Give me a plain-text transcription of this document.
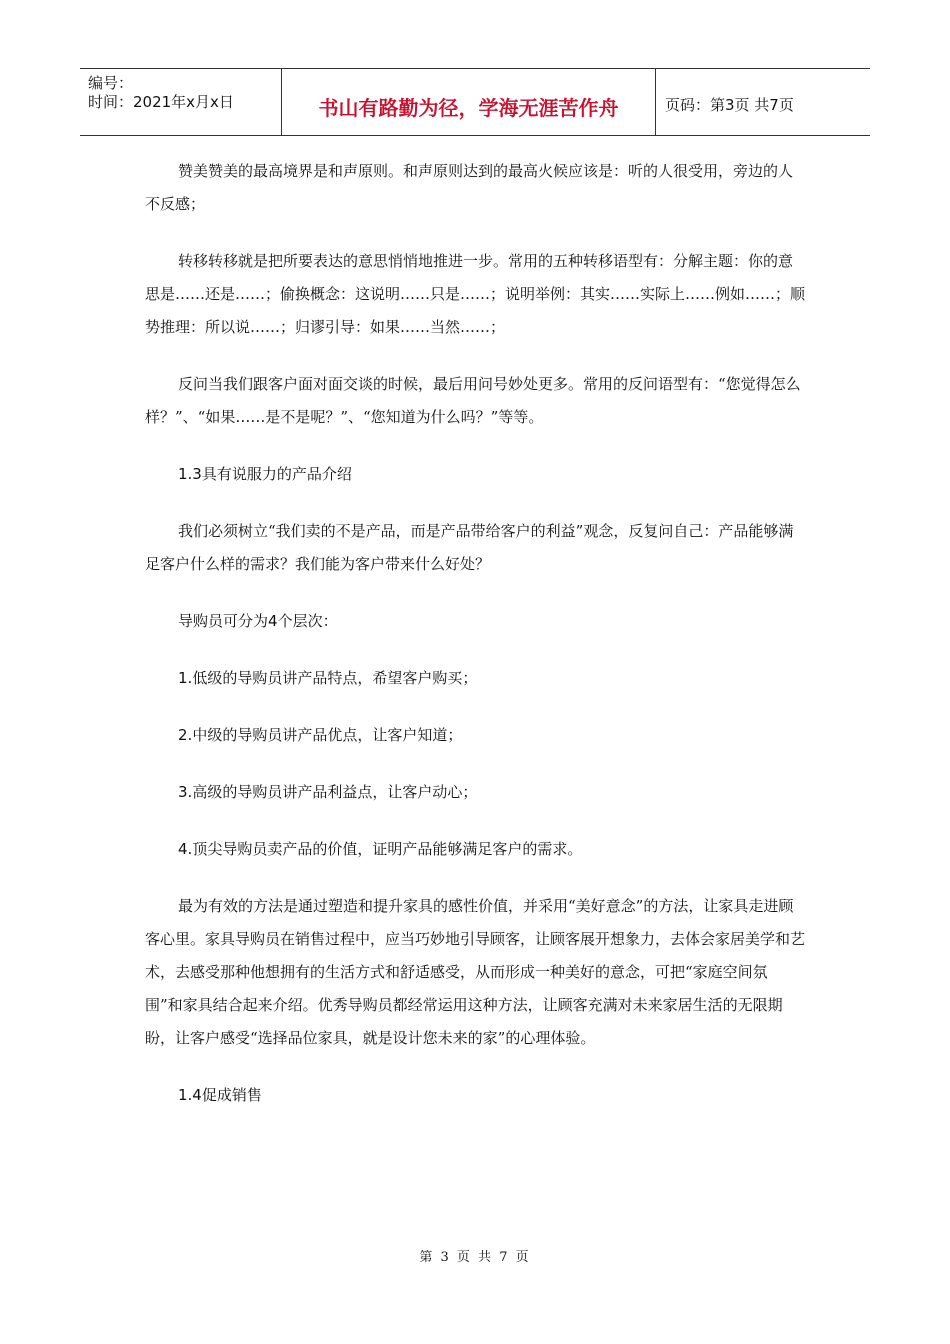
编号：
时间：2021年x月x日	书山有路勤为径，学海无涯苦作舟	页码：第3页 共7页

赞美赞美的最高境界是和声原则。和声原则达到的最高火候应该是：听的人很受用，旁边的人不反感；

转移转移就是把所要表达的意思悄悄地推进一步。常用的五种转移语型有：分解主题：你的意思是……还是……；偷换概念：这说明……只是……；说明举例：其实……实际上……例如……；顺势推理：所以说……；归谬引导：如果……当然……；

反问当我们跟客户面对面交谈的时候，最后用问号妙处更多。常用的反问语型有：“您觉得怎么样？”、“如果……是不是呢？”、“您知道为什么吗？”等等。

1.3具有说服力的产品介绍

我们必须树立“我们卖的不是产品，而是产品带给客户的利益”观念，反复问自己：产品能够满足客户什么样的需求？我们能为客户带来什么好处？

导购员可分为4个层次：

1.低级的导购员讲产品特点，希望客户购买；

2.中级的导购员讲产品优点，让客户知道；

3.高级的导购员讲产品利益点，让客户动心；

4.顶尖导购员卖产品的价值，证明产品能够满足客户的需求。

最为有效的方法是通过塑造和提升家具的感性价值，并采用“美好意念”的方法，让家具走进顾客心里。家具导购员在销售过程中，应当巧妙地引导顾客，让顾客展开想象力，去体会家居美学和艺术，去感受那种他想拥有的生活方式和舒适感受，从而形成一种美好的意念，可把“家庭空间氛围”和家具结合起来介绍。优秀导购员都经常运用这种方法，让顾客充满对未来家居生活的无限期盼，让客户感受“选择品位家具，就是设计您未来的家”的心理体验。

1.4促成销售

第 3 页 共 7 页
